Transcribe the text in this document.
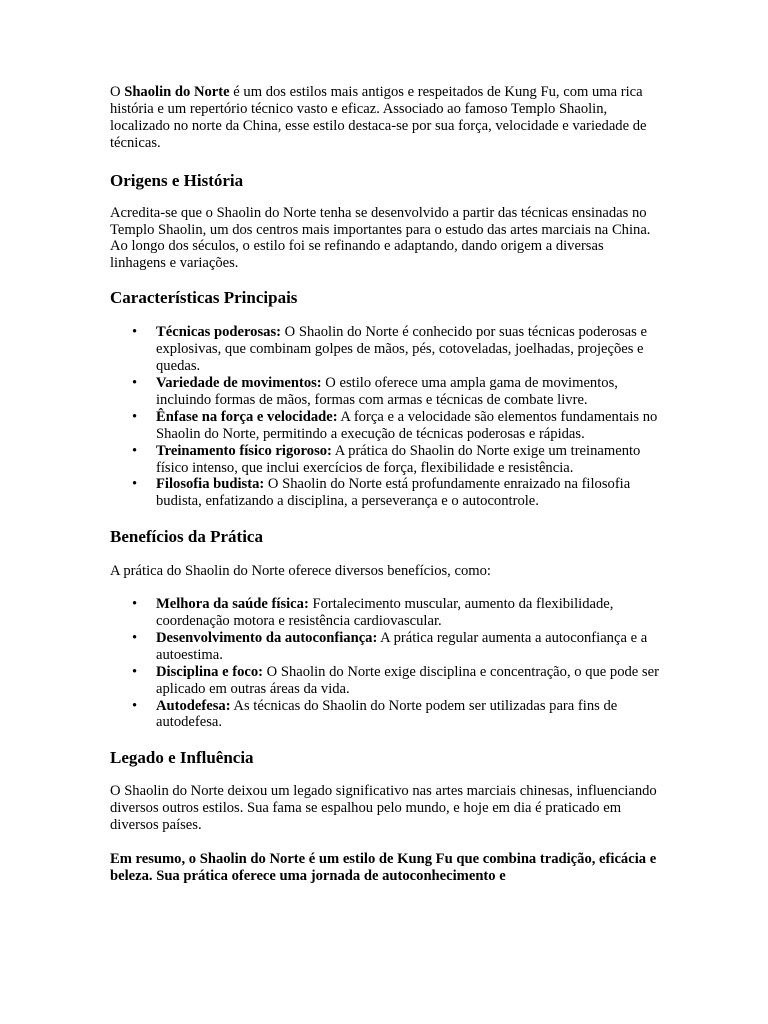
O Shaolin do Norte é um dos estilos mais antigos e respeitados de Kung Fu, com uma rica história e um repertório técnico vasto e eficaz. Associado ao famoso Templo Shaolin, localizado no norte da China, esse estilo destaca-se por sua força, velocidade e variedade de técnicas.

Origens e História

Acredita-se que o Shaolin do Norte tenha se desenvolvido a partir das técnicas ensinadas no Templo Shaolin, um dos centros mais importantes para o estudo das artes marciais na China. Ao longo dos séculos, o estilo foi se refinando e adaptando, dando origem a diversas linhagens e variações.

Características Principais
• Técnicas poderosas: O Shaolin do Norte é conhecido por suas técnicas poderosas e explosivas, que combinam golpes de mãos, pés, cotoveladas, joelhadas, projeções e quedas.
• Variedade de movimentos: O estilo oferece uma ampla gama de movimentos, incluindo formas de mãos, formas com armas e técnicas de combate livre.
• Ênfase na força e velocidade: A força e a velocidade são elementos fundamentais no Shaolin do Norte, permitindo a execução de técnicas poderosas e rápidas.
• Treinamento físico rigoroso: A prática do Shaolin do Norte exige um treinamento físico intenso, que inclui exercícios de força, flexibilidade e resistência.
• Filosofia budista: O Shaolin do Norte está profundamente enraizado na filosofia budista, enfatizando a disciplina, a perseverança e o autocontrole.
Benefícios da Prática

A prática do Shaolin do Norte oferece diversos benefícios, como:

• Melhora da saúde física: Fortalecimento muscular, aumento da flexibilidade, coordenação motora e resistência cardiovascular.
• Desenvolvimento da autoconfiança: A prática regular aumenta a autoconfiança e a autoestima.
• Disciplina e foco: O Shaolin do Norte exige disciplina e concentração, o que pode ser aplicado em outras áreas da vida.
• Autodefesa: As técnicas do Shaolin do Norte podem ser utilizadas para fins de autodefesa.
Legado e Influência

O Shaolin do Norte deixou um legado significativo nas artes marciais chinesas, influenciando diversos outros estilos. Sua fama se espalhou pelo mundo, e hoje em dia é praticado em diversos países.

Em resumo, o Shaolin do Norte é um estilo de Kung Fu que combina tradição, eficácia e beleza. Sua prática oferece uma jornada de autoconhecimento e
